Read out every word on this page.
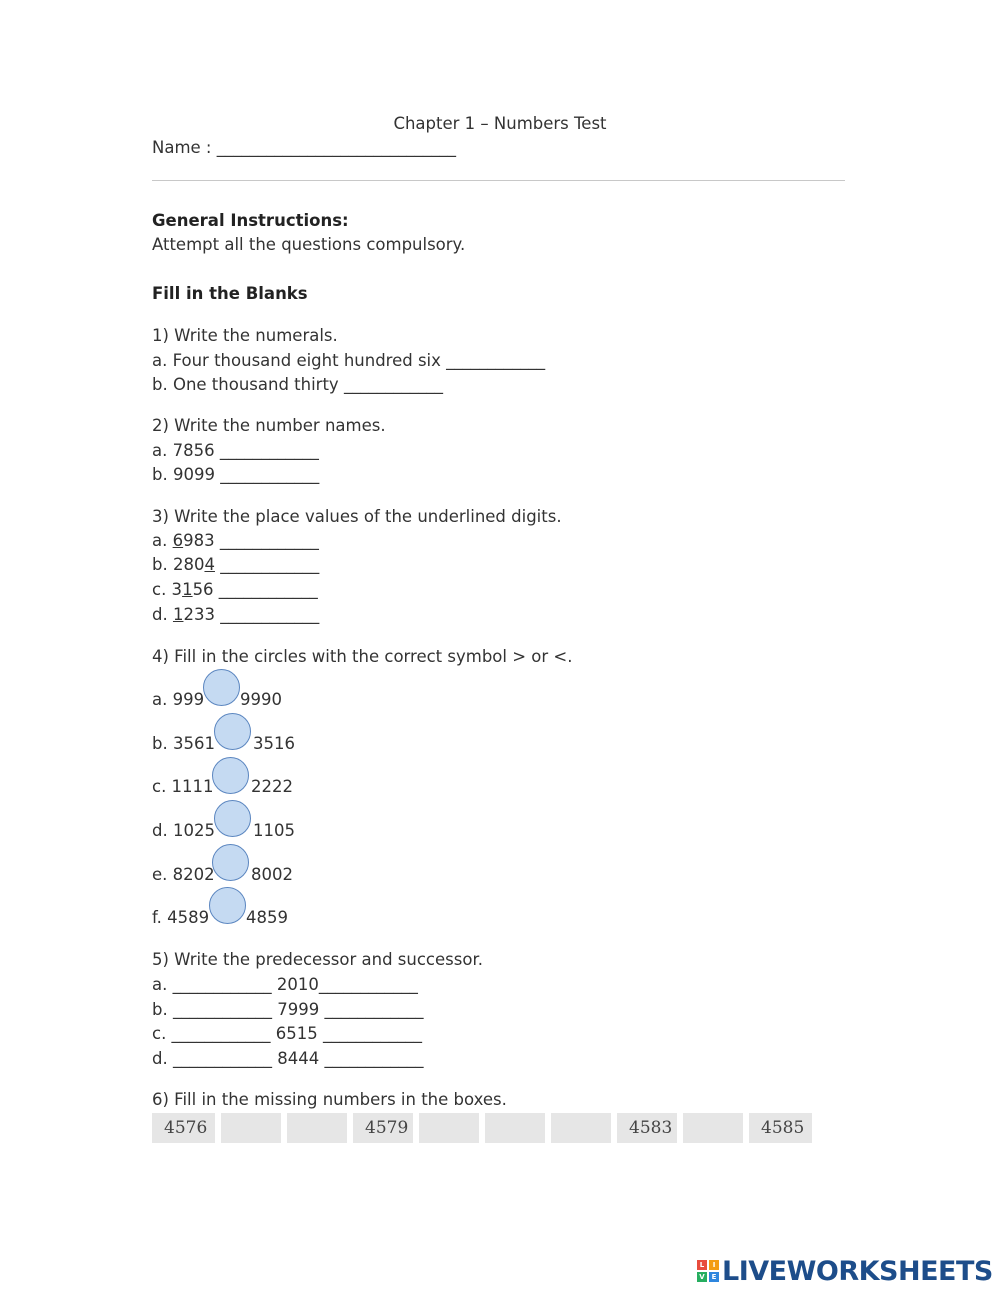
Chapter 1 – Numbers Test
Name : _____________________________
General Instructions:
Attempt all the questions compulsory.
Fill in the Blanks
1) Write the numerals.
a. Four thousand eight hundred six ____________
b. One thousand thirty ____________
2) Write the number names.
a. 7856 ____________
b. 9099 ____________
3) Write the place values of the underlined digits.
a. 6983 ____________
b. 2804 ____________
c. 3156 ____________
d. 1233 ____________
4) Fill in the circles with the correct symbol > or <.
a. 999 9990
b. 3561 3516
c. 1111 2222
d. 1025 1105
e. 8202 8002
f. 4589 4859
5) Write the predecessor and successor.
a. ____________ 2010____________
b. ____________ 7999 ____________
c. ____________ 6515 ____________
d. ____________ 8444 ____________
6) Fill in the missing numbers in the boxes.
4576			4579				4583		4585
L	I
V E LIVEWORKSHEETS
